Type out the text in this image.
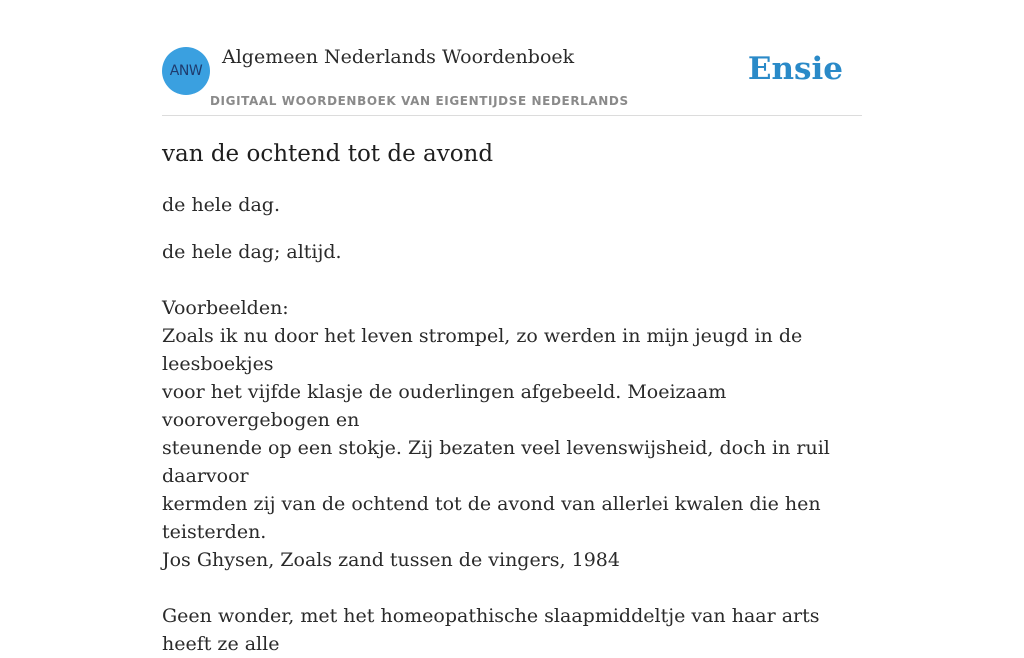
ANW
Algemeen Nederlands Woordenboek
DIGITAAL WOORDENBOEK VAN EIGENTIJDSE NEDERLANDS
Ensie
van de ochtend tot de avond

de hele dag.

de hele dag; altijd.

Voorbeelden:

Zoals ik nu door het leven strompel, zo werden in mijn jeugd in de leesboekjes

voor het vijfde klasje de ouderlingen afgebeeld. Moeizaam voorovergebogen en

steunende op een stokje. Zij bezaten veel levenswijsheid, doch in ruil daarvoor

kermden zij van de ochtend tot de avond van allerlei kwalen die hen teisterden.

Jos Ghysen, Zoals zand tussen de vingers, 1984

Geen wonder, met het homeopathische slaapmiddeltje van haar arts heeft ze alle
